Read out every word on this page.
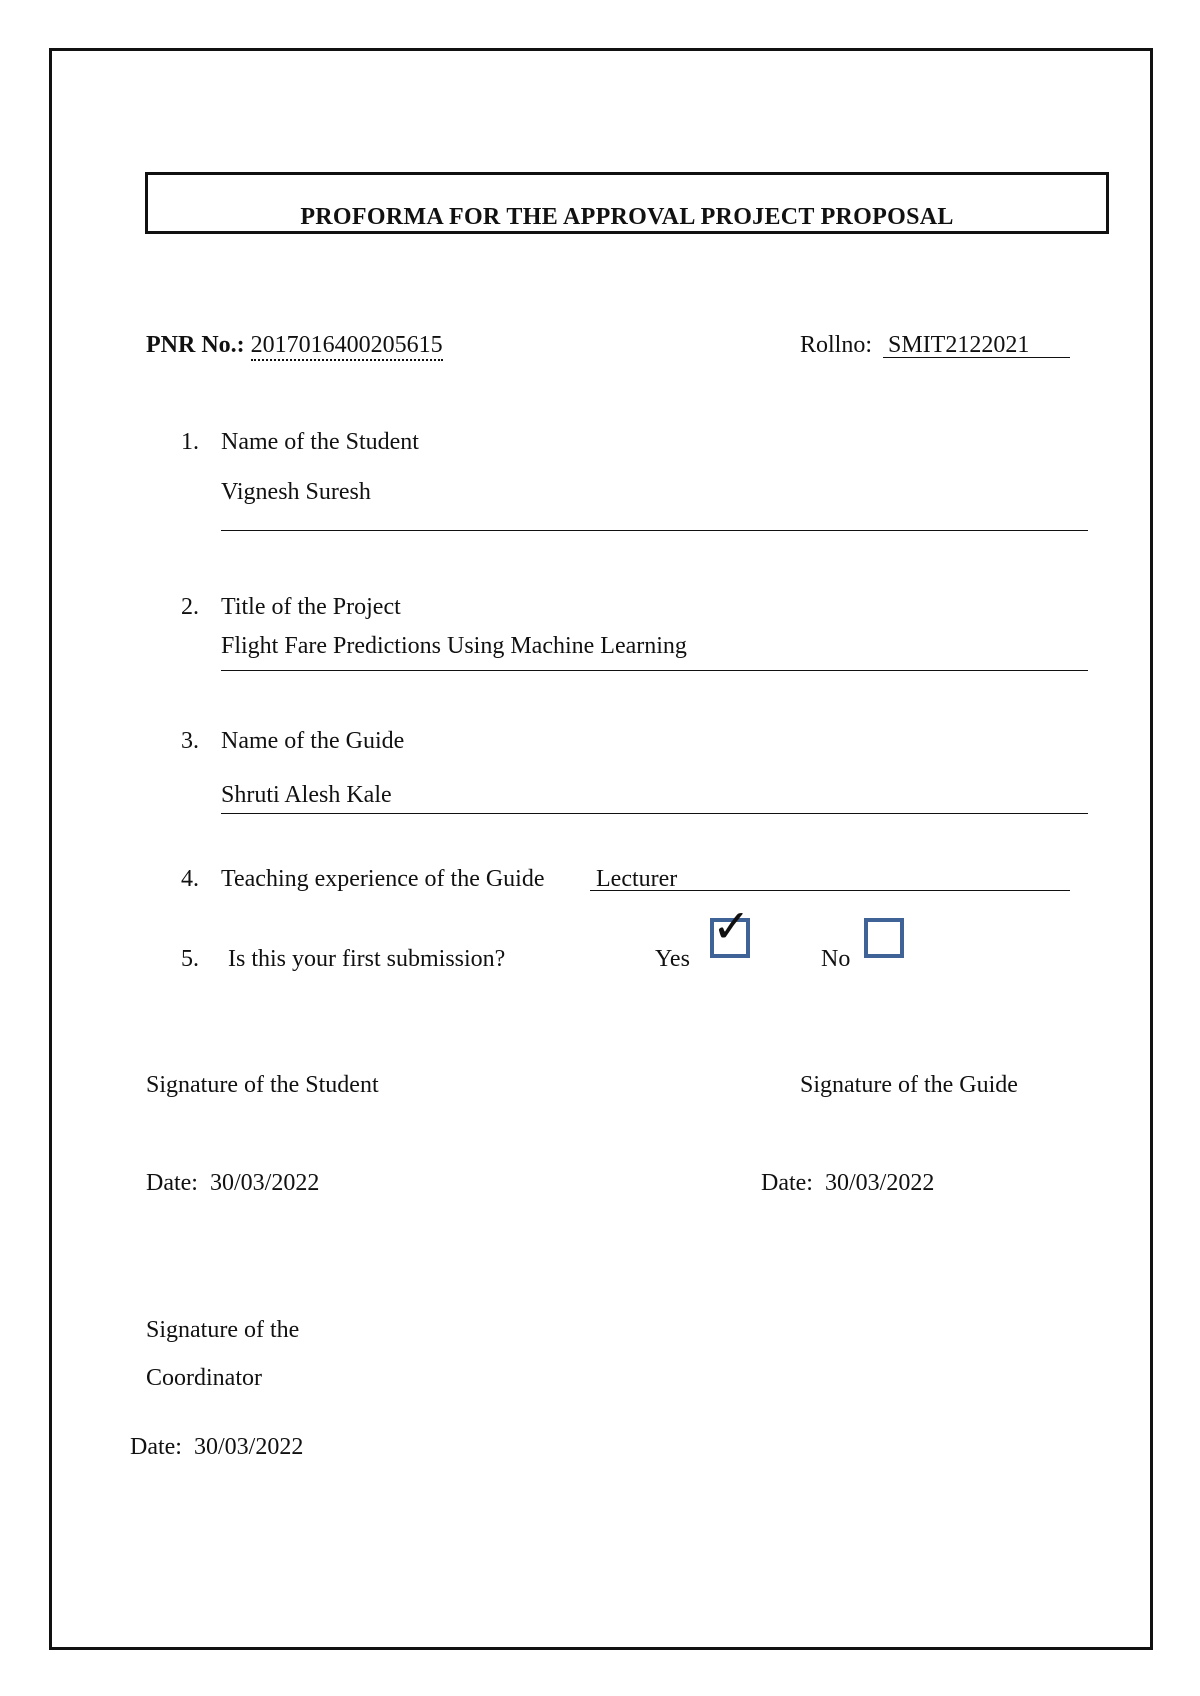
PROFORMA FOR THE APPROVAL PROJECT PROPOSAL
PNR No.: 2017016400205615	Rollno: SMIT2122021
1. Name of the Student
Vignesh Suresh
2. Title of the Project
Flight Fare Predictions Using Machine Learning
3. Name of the Guide
Shruti Alesh Kale
4. Teaching experience of the Guide Lecturer
5. Is this your first submission?	Yes
✓
No
Signature of the Student	Signature of the Guide
Date: 30/03/2022	Date: 30/03/2022
Signature of the
Coordinator
Date: 30/03/2022
